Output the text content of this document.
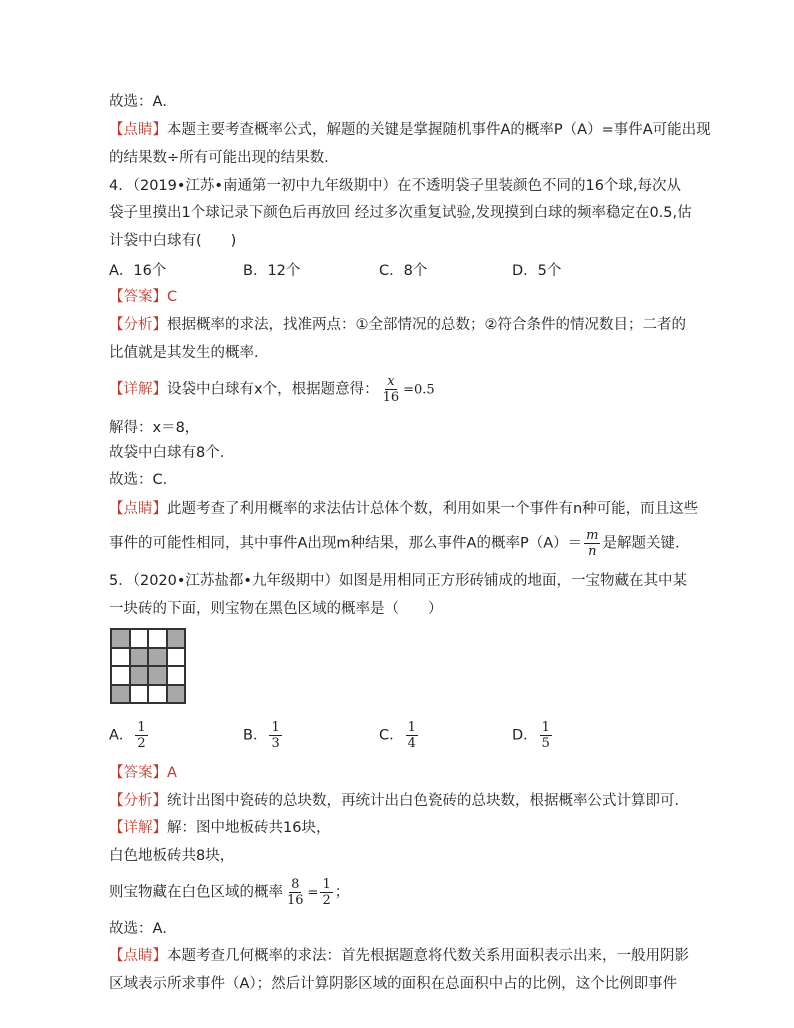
故选：A．
【点睛】本题主要考查概率公式，解题的关键是掌握随机事件A的概率P（A）=事件A可能出现
的结果数÷所有可能出现的结果数．
4．（2019•江苏•南通第一初中九年级期中）在不透明袋子里装颜色不同的16个球,每次从
袋子里摸出1个球记录下颜色后再放回 经过多次重复试验,发现摸到白球的频率稳定在0.5,估
计袋中白球有(　　)
A．16个	B．12个	C．8个	D．5个
【答案】C
【分析】根据概率的求法，找准两点：①全部情况的总数；②符合条件的情况数目；二者的
比值就是其发生的概率．
【详解】设袋中白球有x个，根据题意得： $\frac{x}{16} =0.5$
解得：x＝8，
故袋中白球有8个．
故选：C．
【点睛】此题考查了利用概率的求法估计总体个数，利用如果一个事件有n种可能，而且这些
事件的可能性相同，其中事件A出现m种结果，那么事件A的概率$P(A)= \frac{m}{n}$ 是解题关键．
5．（2020•江苏盐都•九年级期中）如图是用相同正方形砖铺成的地面，一宝物藏在其中某
一块砖的下面，则宝物在黑色区域的概率是（　　）
A． $\frac{1}{2}$	B． $\frac{1}{3}$	C． $\frac{1}{4}$	D． $\frac{1}{5}$
【答案】A
【分析】统计出图中瓷砖的总块数，再统计出白色瓷砖的总块数，根据概率公式计算即可．
【详解】解：图中地板砖共16块，
白色地板砖共8块，
则宝物藏在白色区域的概率 $\frac{8}{16} = \frac{1}{2}$ ；
故选：A．
【点睛】本题考查几何概率的求法：首先根据题意将代数关系用面积表示出来，一般用阴影
区域表示所求事件（A）；然后计算阴影区域的面积在总面积中占的比例，这个比例即事件
